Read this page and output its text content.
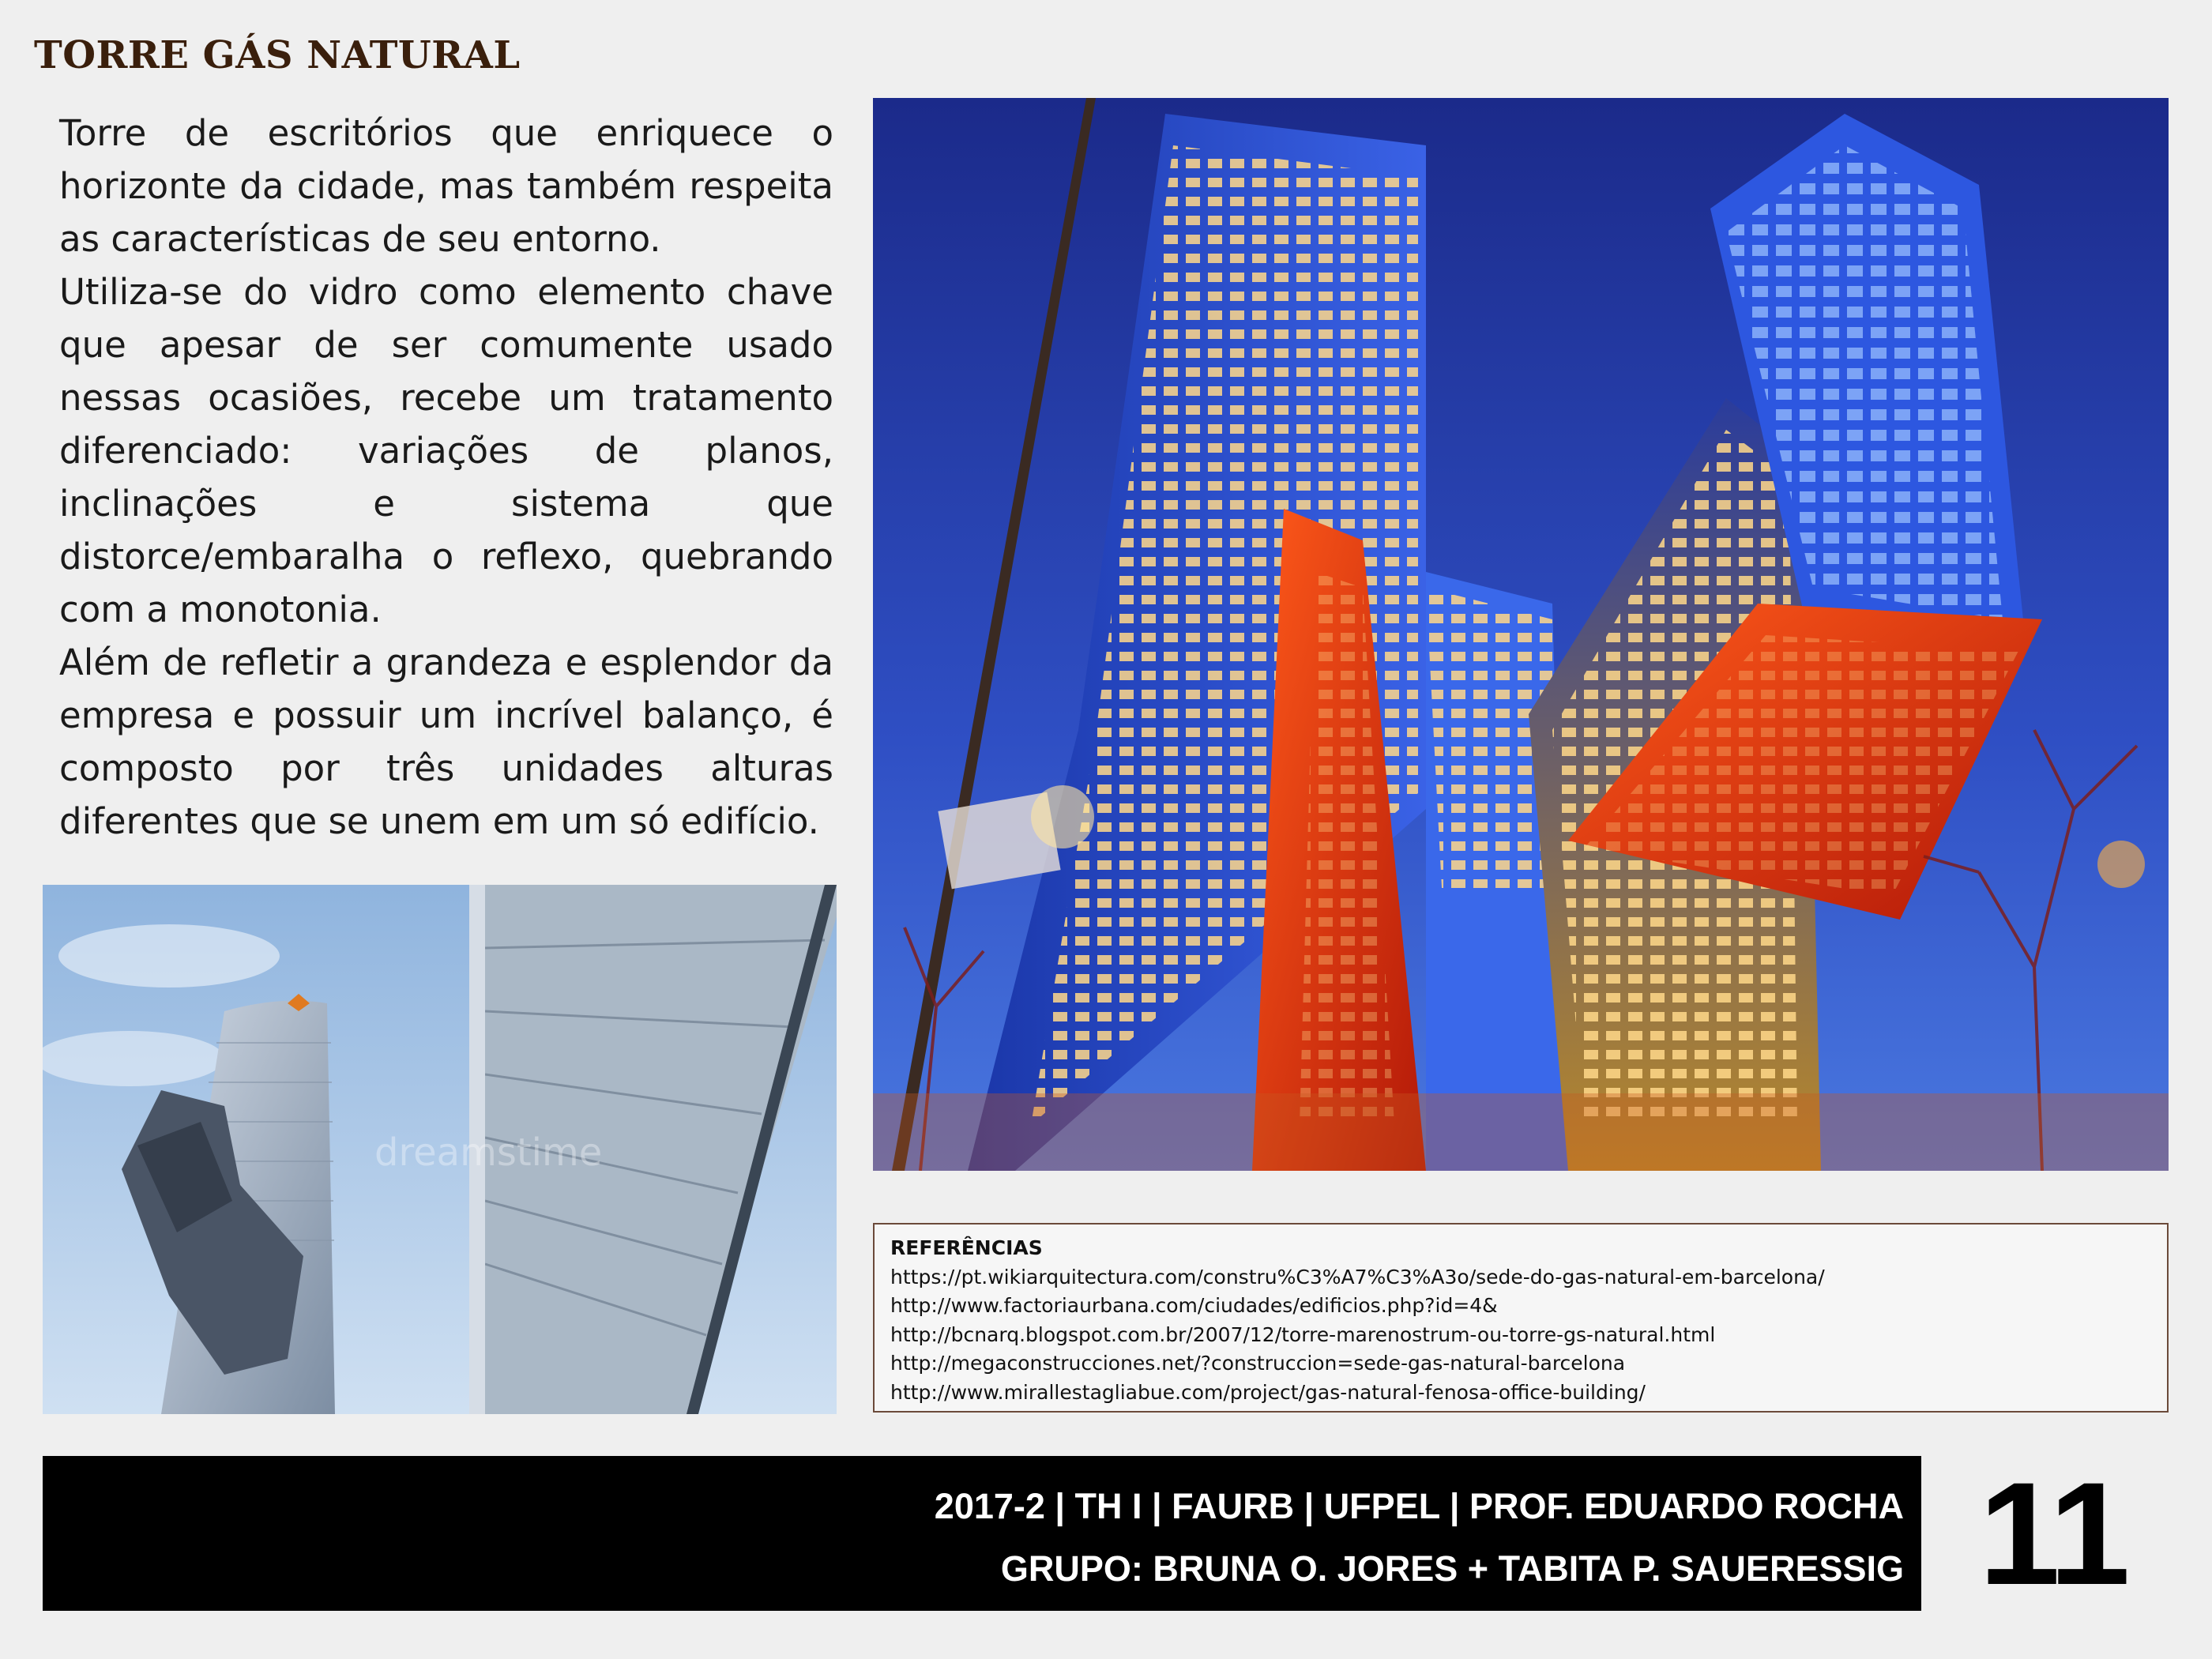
TORRE GÁS NATURAL

Torre de escritórios que enriquece o horizonte da cidade, mas também respeita as características de seu entorno.

Utiliza-se do vidro como elemento chave que apesar de ser comumente usado nessas ocasiões, recebe um tratamento diferenciado: variações de planos, inclinações e sistema que distorce/embaralha o reflexo, quebrando com a monotonia.

Além de refletir a grandeza e esplendor da empresa e possuir um incrível balanço, é composto por três unidades alturas diferentes que se unem em um só edifício.

dreamstime
REFERÊNCIAS
https://pt.wikiarquitectura.com/constru%C3%A7%C3%A3o/sede-do-gas-natural-em-barcelona/
http://www.factoriaurbana.com/ciudades/edificios.php?id=4&
http://bcnarq.blogspot.com.br/2007/12/torre-marenostrum-ou-torre-gs-natural.html
http://megaconstrucciones.net/?construccion=sede-gas-natural-barcelona
http://www.mirallestagliabue.com/project/gas-natural-fenosa-office-building/
2017-2 | TH I | FAURB | UFPEL | PROF. EDUARDO ROCHA
GRUPO: BRUNA O. JORES + TABITA P. SAUERESSIG 11
